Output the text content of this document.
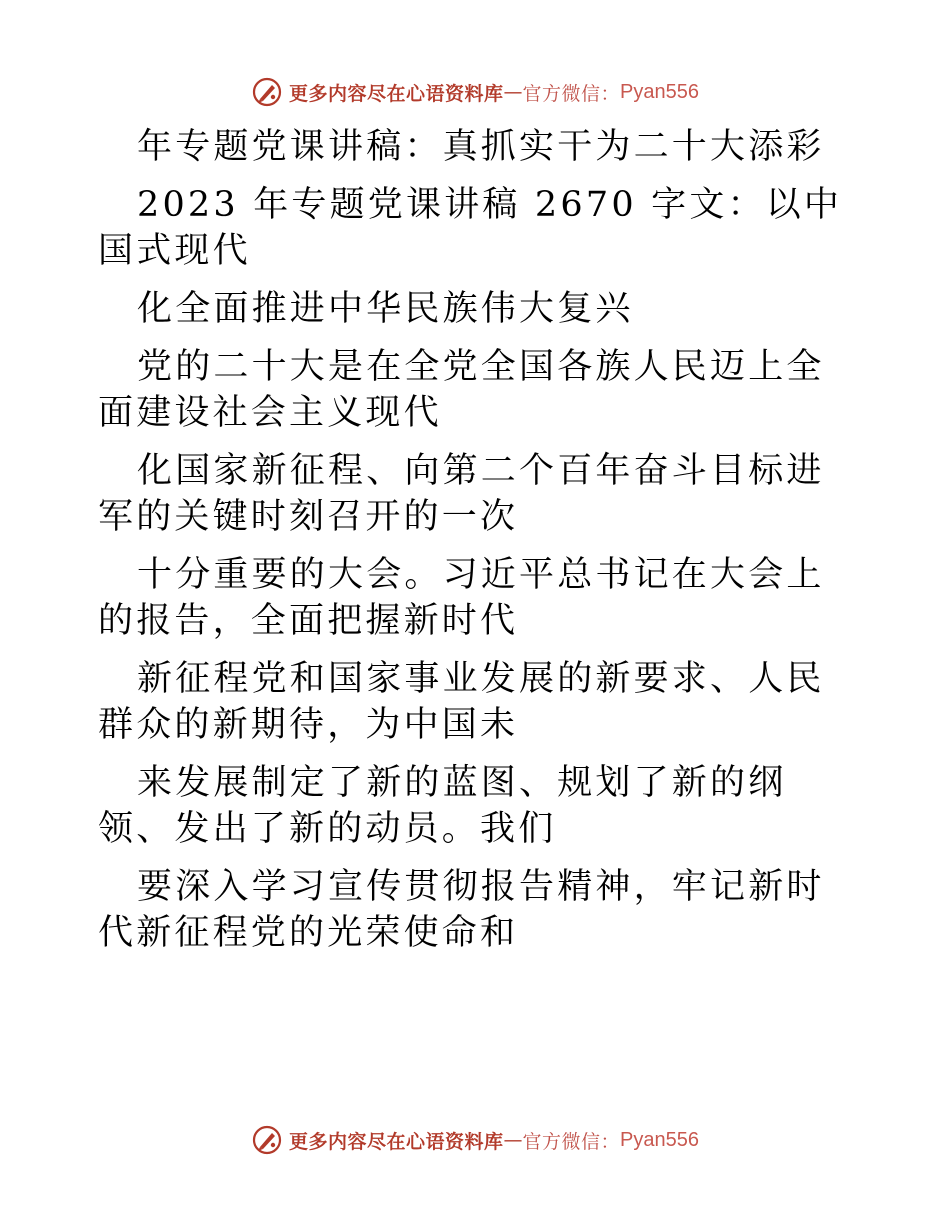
更多内容尽在心语资料库 — 官方微信： Pyan556

年专题党课讲稿：真抓实干为二十大添彩

2023 年专题党课讲稿 2670 字文：以中国式现代

化全面推进中华民族伟大复兴

党的二十大是在全党全国各族人民迈上全面建设社会主义现代

化国家新征程、向第二个百年奋斗目标进军的关键时刻召开的一次

十分重要的大会。习近平总书记在大会上的报告，全面把握新时代

新征程党和国家事业发展的新要求、人民群众的新期待，为中国未

来发展制定了新的蓝图、规划了新的纲领、发出了新的动员。我们

要深入学习宣传贯彻报告精神，牢记新时代新征程党的光荣使命和

更多内容尽在心语资料库 — 官方微信： Pyan556
